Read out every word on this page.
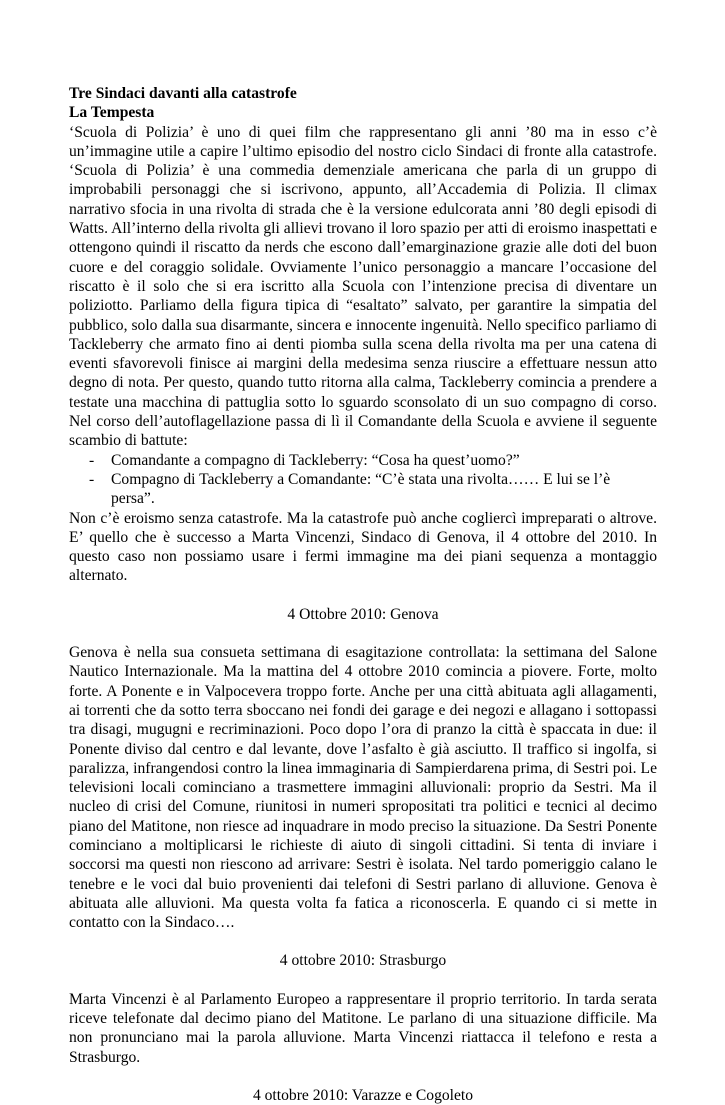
Tre Sindaci davanti alla catastrofe
La Tempesta

‘Scuola di Polizia’ è uno di quei film che rappresentano gli anni ’80 ma in esso c’è un’immagine utile a capire l’ultimo episodio del nostro ciclo Sindaci di fronte alla catastrofe. ‘Scuola di Polizia’ è una commedia demenziale americana che parla di un gruppo di improbabili personaggi che si iscrivono, appunto, all’Accademia di Polizia. Il climax narrativo sfocia in una rivolta di strada che è la versione edulcorata anni ’80 degli episodi di Watts. All’interno della rivolta gli allievi trovano il loro spazio per atti di eroismo inaspettati e ottengono quindi il riscatto da nerds che escono dall’emarginazione grazie alle doti del buon cuore e del coraggio solidale. Ovviamente l’unico personaggio a mancare l’occasione del riscatto è il solo che si era iscritto alla Scuola con l’intenzione precisa di diventare un poliziotto. Parliamo della figura tipica di “esaltato” salvato, per garantire la simpatia del pubblico, solo dalla sua disarmante, sincera e innocente ingenuità. Nello specifico parliamo di Tackleberry che armato fino ai denti piomba sulla scena della rivolta ma per una catena di eventi sfavorevoli finisce ai margini della medesima senza riuscire a effettuare nessun atto degno di nota. Per questo, quando tutto ritorna alla calma, Tackleberry comincia a prendere a testate una macchina di pattuglia sotto lo sguardo sconsolato di un suo compagno di corso. Nel corso dell’autoflagellazione passa di lì il Comandante della Scuola e avviene il seguente scambio di battute:

- Comandante a compagno di Tackleberry: “Cosa ha quest’uomo?”
- Compagno di Tackleberry a Comandante: “C’è stata una rivolta…… E lui se l’è persa”.

Non c’è eroismo senza catastrofe. Ma la catastrofe può anche cogliercì impreparati o altrove. E’ quello che è successo a Marta Vincenzi, Sindaco di Genova, il 4 ottobre del 2010. In questo caso non possiamo usare i fermi immagine ma dei piani sequenza a montaggio alternato.

4 Ottobre 2010: Genova

Genova è nella sua consueta settimana di esagitazione controllata: la settimana del Salone Nautico Internazionale. Ma la mattina del 4 ottobre 2010 comincia a piovere. Forte, molto forte. A Ponente e in Valpocevera troppo forte. Anche per una città abituata agli allagamenti, ai torrenti che da sotto terra sboccano nei fondi dei garage e dei negozi e allagano i sottopassi tra disagi, mugugni e recriminazioni. Poco dopo l’ora di pranzo la città è spaccata in due: il Ponente diviso dal centro e dal levante, dove l’asfalto è già asciutto. Il traffico si ingolfa, si paralizza, infrangendosi contro la linea immaginaria di Sampierdarena prima, di Sestri poi. Le televisioni locali cominciano a trasmettere immagini alluvionali: proprio da Sestri. Ma il nucleo di crisi del Comune, riunitosi in numeri spropositati tra politici e tecnici al decimo piano del Matitone, non riesce ad inquadrare in modo preciso la situazione. Da Sestri Ponente cominciano a moltiplicarsi le richieste di aiuto di singoli cittadini. Si tenta di inviare i soccorsi ma questi non riescono ad arrivare: Sestri è isolata. Nel tardo pomeriggio calano le tenebre e le voci dal buio provenienti dai telefoni di Sestri parlano di alluvione. Genova è abituata alle alluvioni. Ma questa volta fa fatica a riconoscerla. E quando ci si mette in contatto con la Sindaco….

4 ottobre 2010: Strasburgo

Marta Vincenzi è al Parlamento Europeo a rappresentare il proprio territorio. In tarda serata riceve telefonate dal decimo piano del Matitone. Le parlano di una situazione difficile. Ma non pronunciano mai la parola alluvione. Marta Vincenzi riattacca il telefono e resta a Strasburgo.

4 ottobre 2010: Varazze e Cogoleto
